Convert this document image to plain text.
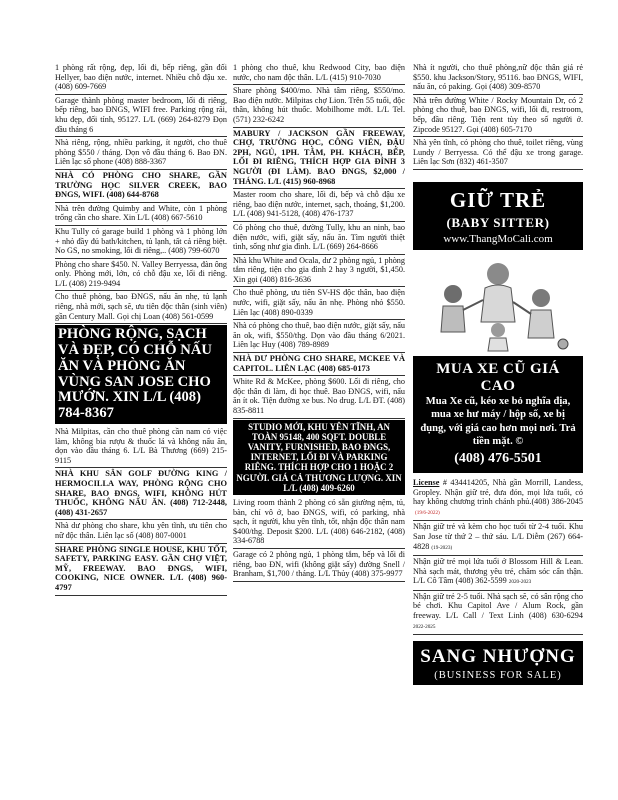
1 phòng rất rộng, đẹp, lối đi, bếp riêng, gần đối Hellyer, bao điện nước, internet. Nhiều chỗ đậu xe. (408) 609-7669

Garage thành phòng master bedroom, lối đi riêng, bếp riêng, bao ĐNGS, WIFI free. Parking rộng rãi, khu đẹp, đối tỉnh, 95127. L/L (669) 264-8279 Đọn đầu tháng 6

Nhà riêng, rộng, nhiều parking, ít người, cho thuê phòng $550 / tháng. Dọn vô đầu tháng 6. Bao ĐN. Liên lạc số phone (408) 888-3367

NHÀ CÓ PHÒNG CHO SHARE, GẦN TRƯỜNG HỌC SILVER CREEK, BAO ĐNGS, WIFI. (408) 644-8768

Nhà trên đường Quimby and White, còn 1 phòng trống cần cho share. Xin L/L (408) 667-5610

Khu Tully có garage build 1 phòng và 1 phòng lớn + nhỏ đầy đủ bath/kitchen, tủ lạnh, tất cả riêng biệt. No GS, no smoking, lối đi riêng,.. (408) 799-6070

Phòng cho share $450. N. Valley Berryessa, đàn ông only. Phòng mới, lớn, có chỗ đậu xe, lối đi riêng. L/L (408) 219-9494

Cho thuê phòng, bao ĐNGS, nấu ăn nhẹ, tủ lạnh riêng, nhà mới, sạch sẽ, ưu tiên độc thân (sinh viên) gần Century Mall. Gọi chị Loan (408) 561-0599

PHÒNG RỘNG, SẠCH VÀ ĐẸP, CÓ CHỖ NẤU ĂN VÀ PHÒNG ĂN VÙNG SAN JOSE CHO MƯỚN. XIN L/L (408) 784-8367

Nhà Milpitas, cần cho thuê phòng cần nam có việc làm, không bia rượu & thuốc lá và không nấu ăn, dọn vào đầu tháng 6. L/L Bà Thương (669) 215-9115

NHÀ KHU SÂN GOLF ĐƯỜNG KING / HERMOCILLA WAY, PHÒNG RỘNG CHO SHARE, BAO ĐNGS, WIFI, KHÔNG HÚT THUỐC, KHÔNG NẤU ĂN. (408) 712-2448, (408) 431-2657

Nhà dư phòng cho share, khu yên tĩnh, ưu tiên cho nữ độc thân. Liên lạc số (408) 807-0001

SHARE PHÒNG SINGLE HOUSE, KHU TỐT, SAFETY, PARKING EASY. GẦN CHỢ VIỆT, MỸ, FREEWAY. BAO ĐNGS, WIFI, COOKING, NICE OWNER. L/L (408) 960-4797

1 phòng cho thuê, khu Redwood City, bao điện nước, cho nam độc thân. L/L (415) 910-7030

Share phòng $400/mo. Nhà tâm riêng, $550/mo. Bao điện nước. Milpitas chợ Lion. Trên 55 tuổi, độc thân, không hút thuốc. Mobilhome mới. L/L Tel. (571) 232-6242

MABURY / JACKSON GẦN FREEWAY, CHỢ, TRƯỜNG HỌC, CÔNG VIÊN, ĐẬU 2PH, NGỦ, 1PH. TẮM, PH. KHÁCH, BẾP, LỐI ĐI RIÊNG, THÍCH HỢP GIA ĐÌNH 3 NGƯỜI (ĐI LÀM). BAO ĐNGS, $2,000 / THÁNG. L/L (415) 960-8968

Master room cho share, lối đi, bếp và chỗ đậu xe riêng, bao điện nước, internet, sạch, thoáng, $1,200. L/L (408) 941-5128, (408) 476-1737

Có phòng cho thuê, đường Tully, khu an ninh, bao điện nước, wifi, giặt sấy, nấu ăn. Tìm người thiệt tình, sống như gia đình. L/L (669) 264-8666

Nhà khu White and Ocala, dư 2 phòng ngủ, 1 phòng tắm riêng, tiện cho gia đình 2 hay 3 người, $1,450. Xin gọi (408) 816-3636

Cho thuê phòng, ưu tiên SV-HS độc thân, bao điện nước, wifi, giặt sấy, nấu ăn nhẹ. Phòng nhỏ $550. Liên lạc (408) 890-0339

Nhà có phòng cho thuê, bao điện nước, giặt sấy, nấu ăn ok, wifi, $550/thg. Dọn vào đầu tháng 6/2021. Liên lạc Huy (408) 789-8989

NHÀ DƯ PHÒNG CHO SHARE, MCKEE VÀ CAPITOL. LIÊN LẠC (408) 685-0173

White Rd & McKee, phòng $600. Lối đi riêng, cho độc thân đi làm, đi học thuê. Bao ĐNGS, wifi, nấu ăn ít ok. Tiện đường xe bus. No drug. L/L ĐT. (408) 835-8811

STUDIO MỚI, KHU YÊN TĨNH, AN TOÀN 95148, 400 SQFT. DOUBLE VANITY, FURNISHED, BAO ĐNGS, INTERNET, LỐI ĐI VÀ PARKING RIÊNG. THÍCH HỢP CHO 1 HOẶC 2 NGƯỜI. GIÁ CẢ THƯƠNG LƯỢNG. XIN L/L (408) 409-6260

Living room thành 2 phòng có sẵn giường nệm, tủ, bàn, chỉ vô ở, bao ĐNGS, wifi, có parking, nhà sạch, ít người, khu yên tĩnh, tốt, nhận độc thân nam $400/thg. Deposit $200. L/L (408) 646-2182, (408) 334-6788

Garage có 2 phòng ngủ, 1 phòng tắm, bếp và lối đi riêng, bao ĐN, wifi (không giặt sấy) đường Snell / Branham, $1,700 / tháng. L/L Thủy (408) 375-9977

Nhà ít người, cho thuê phòng,nữ độc thân giá rẻ $550. khu Jackson/Story, 95116. bao ĐNGS, WIFI, nấu ăn, có paking. Gọi (408) 309-8570

Nhà trên đường White / Rocky Mountain Dr, có 2 phòng cho thuê, bao ĐNGS, wifi, lối đi, restroom, bếp, đầu riêng. Tiện rent tùy theo số người ở. Zipcode 95127. Gọi (408) 605-7170

Nhà yên tĩnh, có phòng cho thuê, toilet riêng, vùng Lundy / Berryessa. Có thể đậu xe trong garage. Liên lạc Sơn (832) 461-3507

GIỮ TRẺ
(BABY SITTER)
www.ThangMoCali.com
MUA XE CŨ GIÁ CAO
Mua Xe cũ, kéo xe bỏ nghĩa địa, mua xe hư máy / hộp số, xe bị đụng, với giá cao hơn mọi nơi. Trả tiền mặt. ©
(408) 476-5501

License # 434414205, Nhà gần Morrill, Landess, Gropley. Nhận giữ trẻ, đưa đón, mọi lứa tuổi, có hay không chương trình chánh phủ.(408) 386-2045 (19/6-2022)

Nhận giữ trẻ và kèm cho học tuổi từ 2-4 tuổi. Khu San Jose từ thứ 2 – thứ sáu. L/L Diễm (267) 664-4828 (19-2023)

Nhận giữ trẻ mọi lứa tuổi ở Blossom Hill & Lean. Nhà sạch mát, thương yêu trẻ, chăm sóc cẩn thận. L/L Cô Tâm (408) 362-5599 2020-2023

Nhận giữ trẻ 2-5 tuổi. Nhà sạch sẽ, có sân rộng cho bé chơi. Khu Capitol Ave / Alum Rock, gần freeway. L/L Call / Text Linh (408) 630-6294 2022-2025

SANG NHƯỢNG
(BUSINESS FOR SALE)
